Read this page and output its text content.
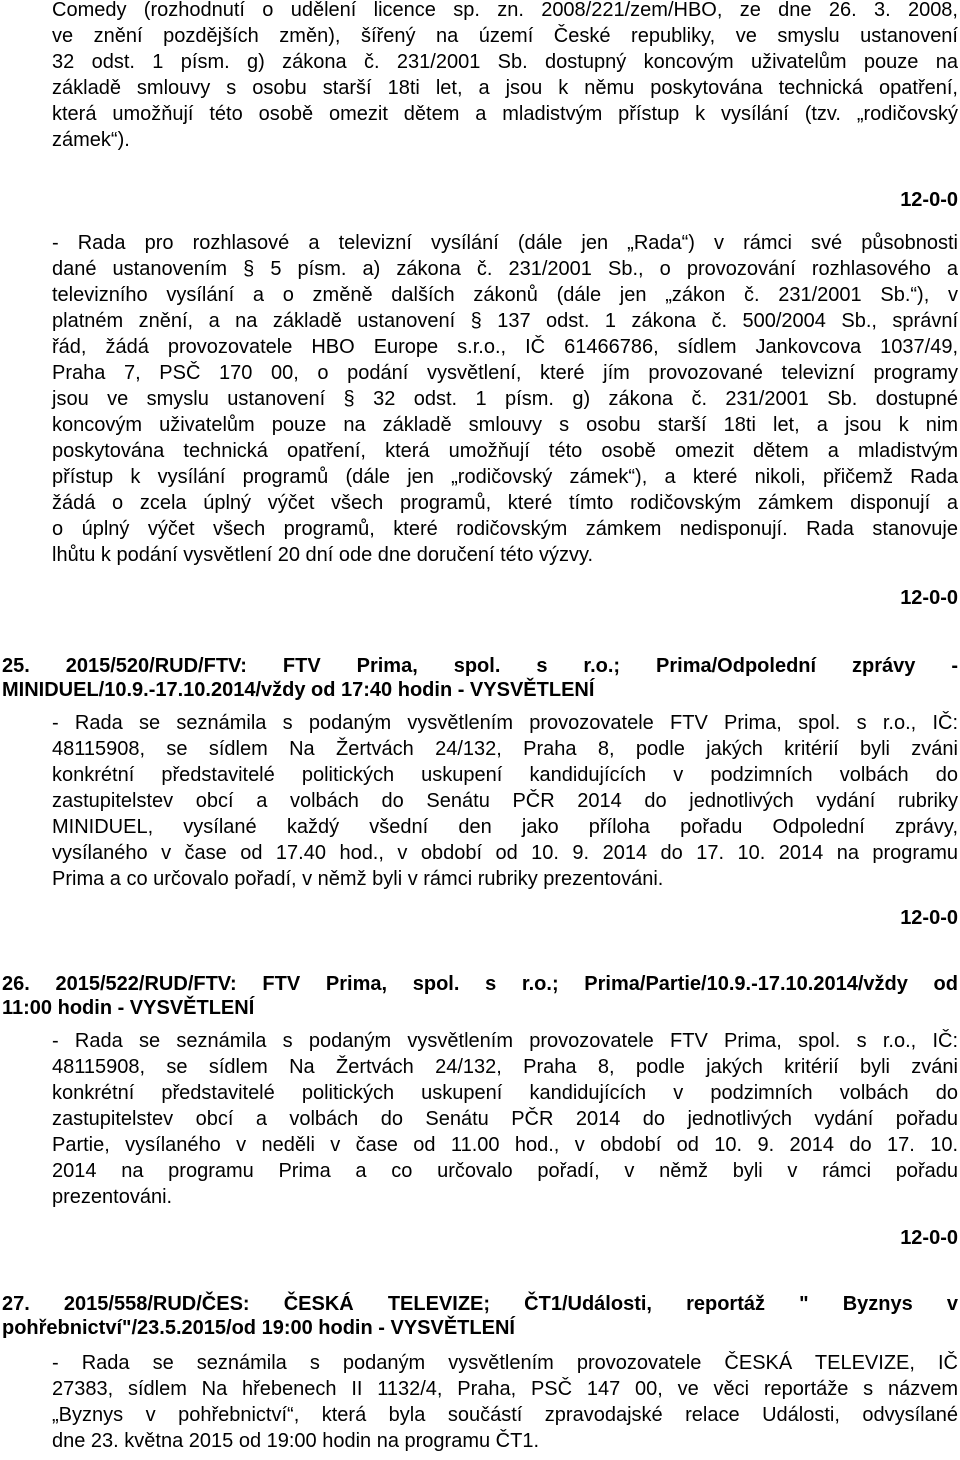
Comedy (rozhodnutí o udělení licence sp. zn. 2008/221/zem/HBO, ze dne 26. 3. 2008,
ve znění pozdějších změn), šířený na území České republiky, ve smyslu ustanovení
32 odst. 1 písm. g) zákona č. 231/2001 Sb. dostupný koncovým uživatelům pouze na
základě smlouvy s osobu starší 18ti let, a jsou k němu poskytována technická opatření,
která umožňují této osobě omezit dětem a mladistvým přístup k vysílání (tzv. „rodičovský
zámek“).
12-0-0
- Rada pro rozhlasové a televizní vysílání (dále jen „Rada“) v rámci své působnosti
dané ustanovením § 5 písm. a) zákona č. 231/2001 Sb., o provozování rozhlasového a
televizního vysílání a o změně dalších zákonů (dále jen „zákon č. 231/2001 Sb.“), v
platném znění, a na základě ustanovení § 137 odst. 1 zákona č. 500/2004 Sb., správní
řád, žádá provozovatele HBO Europe s.r.o., IČ 61466786, sídlem Jankovcova 1037/49,
Praha 7, PSČ 170 00, o podání vysvětlení, které jím provozované televizní programy
jsou ve smyslu ustanovení § 32 odst. 1 písm. g) zákona č. 231/2001 Sb. dostupné
koncovým uživatelům pouze na základě smlouvy s osobu starší 18ti let, a jsou k nim
poskytována technická opatření, která umožňují této osobě omezit dětem a mladistvým
přístup k vysílání programů (dále jen „rodičovský zámek“), a které nikoli, přičemž Rada
žádá o zcela úplný výčet všech programů, které tímto rodičovským zámkem disponují a
o úplný výčet všech programů, které rodičovským zámkem nedisponují. Rada stanovuje
lhůtu k podání vysvětlení 20 dní ode dne doručení této výzvy.
12-0-0
25. 2015/520/RUD/FTV: FTV Prima, spol. s r.o.; Prima/Odpolední zprávy -
MINIDUEL/10.9.-17.10.2014/vždy od 17:40 hodin - VYSVĚTLENÍ
- Rada se seznámila s podaným vysvětlením provozovatele FTV Prima, spol. s r.o., IČ:
48115908, se sídlem Na Žertvách 24/132, Praha 8, podle jakých kritérií byli zváni
konkrétní představitelé politických uskupení kandidujících v podzimních volbách do
zastupitelstev obcí a volbách do Senátu PČR 2014 do jednotlivých vydání rubriky
MINIDUEL, vysílané každý všední den jako příloha pořadu Odpolední zprávy,
vysílaného v čase od 17.40 hod., v období od 10. 9. 2014 do 17. 10. 2014 na programu
Prima a co určovalo pořadí, v němž byli v rámci rubriky prezentováni.
12-0-0
26. 2015/522/RUD/FTV: FTV Prima, spol. s r.o.; Prima/Partie/10.9.-17.10.2014/vždy od
11:00 hodin - VYSVĚTLENÍ
- Rada se seznámila s podaným vysvětlením provozovatele FTV Prima, spol. s r.o., IČ:
48115908, se sídlem Na Žertvách 24/132, Praha 8, podle jakých kritérií byli zváni
konkrétní představitelé politických uskupení kandidujících v podzimních volbách do
zastupitelstev obcí a volbách do Senátu PČR 2014 do jednotlivých vydání pořadu
Partie, vysílaného v neděli v čase od 11.00 hod., v období od 10. 9. 2014 do 17. 10.
2014 na programu Prima a co určovalo pořadí, v němž byli v rámci pořadu
prezentováni.
12-0-0
27. 2015/558/RUD/ČES: ČESKÁ TELEVIZE; ČT1/Události, reportáž " Byznys v
pohřebnictví"/23.5.2015/od 19:00 hodin - VYSVĚTLENÍ
- Rada se seznámila s podaným vysvětlením provozovatele ČESKÁ TELEVIZE, IČ
27383, sídlem Na hřebenech II 1132/4, Praha, PSČ 147 00, ve věci reportáže s názvem
„Byznys v pohřebnictví“, která byla součástí zpravodajské relace Události, odvysílané
dne 23. května 2015 od 19:00 hodin na programu ČT1.
